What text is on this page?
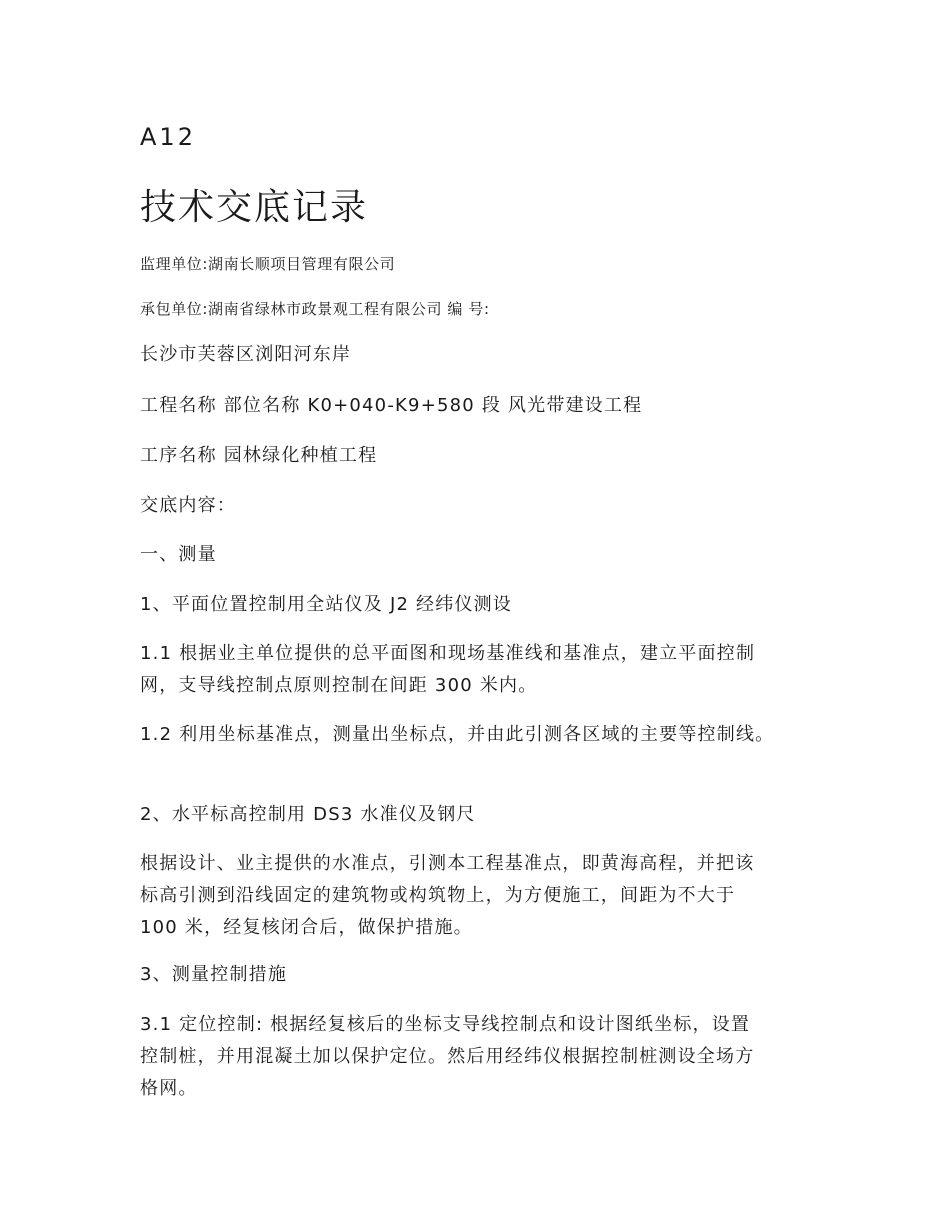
A12
技术交底记录
监理单位:湖南长顺项目管理有限公司
承包单位:湖南省绿林市政景观工程有限公司 编 号:
长沙市芙蓉区浏阳河东岸
工程名称 部位名称 K0+040-K9+580 段 风光带建设工程
工序名称 园林绿化种植工程
交底内容：
一、测量
1、平面位置控制用全站仪及 J2 经纬仪测设
1.1 根据业主单位提供的总平面图和现场基准线和基准点，建立平面控制
网，支导线控制点原则控制在间距 300 米内。
1.2 利用坐标基准点，测量出坐标点，并由此引测各区域的主要等控制线。
2、水平标高控制用 DS3 水准仪及钢尺
根据设计、业主提供的水准点，引测本工程基准点，即黄海高程，并把该
标高引测到沿线固定的建筑物或构筑物上，为方便施工，间距为不大于
100 米，经复核闭合后，做保护措施。
3、测量控制措施
3.1 定位控制: 根据经复核后的坐标支导线控制点和设计图纸坐标，设置
控制桩，并用混凝土加以保护定位。然后用经纬仪根据控制桩测设全场方
格网。
